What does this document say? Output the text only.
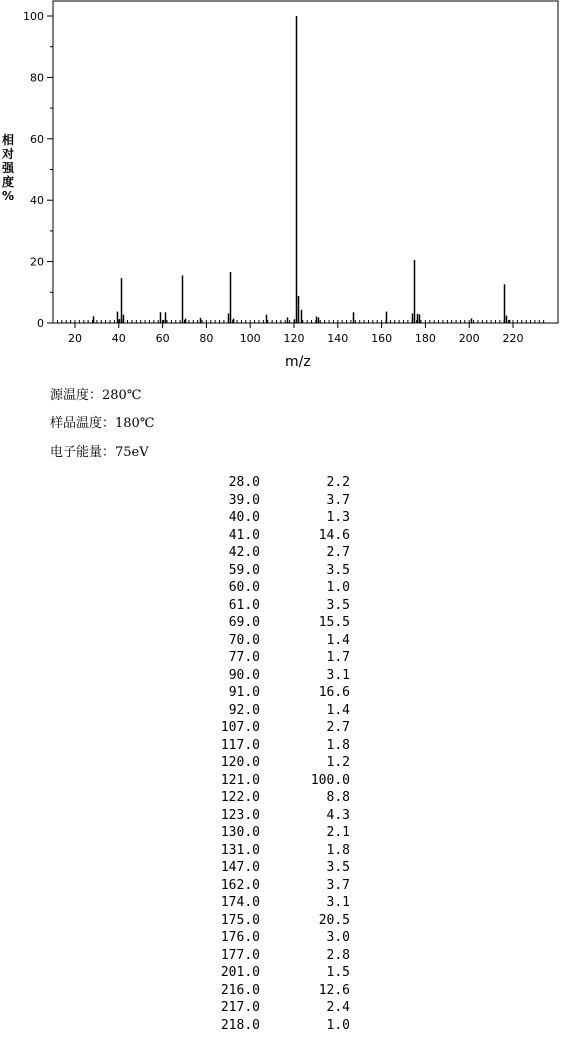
20	40	60	80 100 120 140 160 180 200 220
0
20
40
60
80
100
相
对
强
度
%
m/z
源温度：280℃
样品温度：180℃
电子能量：75eV
28.0	2.2
39.0	3.7
40.0	1.3
41.0	14.6
42.0	2.7
59.0	3.5
60.0	1.0
61.0	3.5
69.0	15.5
70.0	1.4
77.0	1.7
90.0	3.1
91.0	16.6
92.0	1.4
107.0	2.7
117.0	1.8
120.0	1.2
121.0	100.0
122.0	8.8
123.0	4.3
130.0	2.1
131.0	1.8
147.0	3.5
162.0	3.7
174.0	3.1
175.0	20.5
176.0	3.0
177.0	2.8
201.0	1.5
216.0	12.6
217.0	2.4
218.0	1.0
